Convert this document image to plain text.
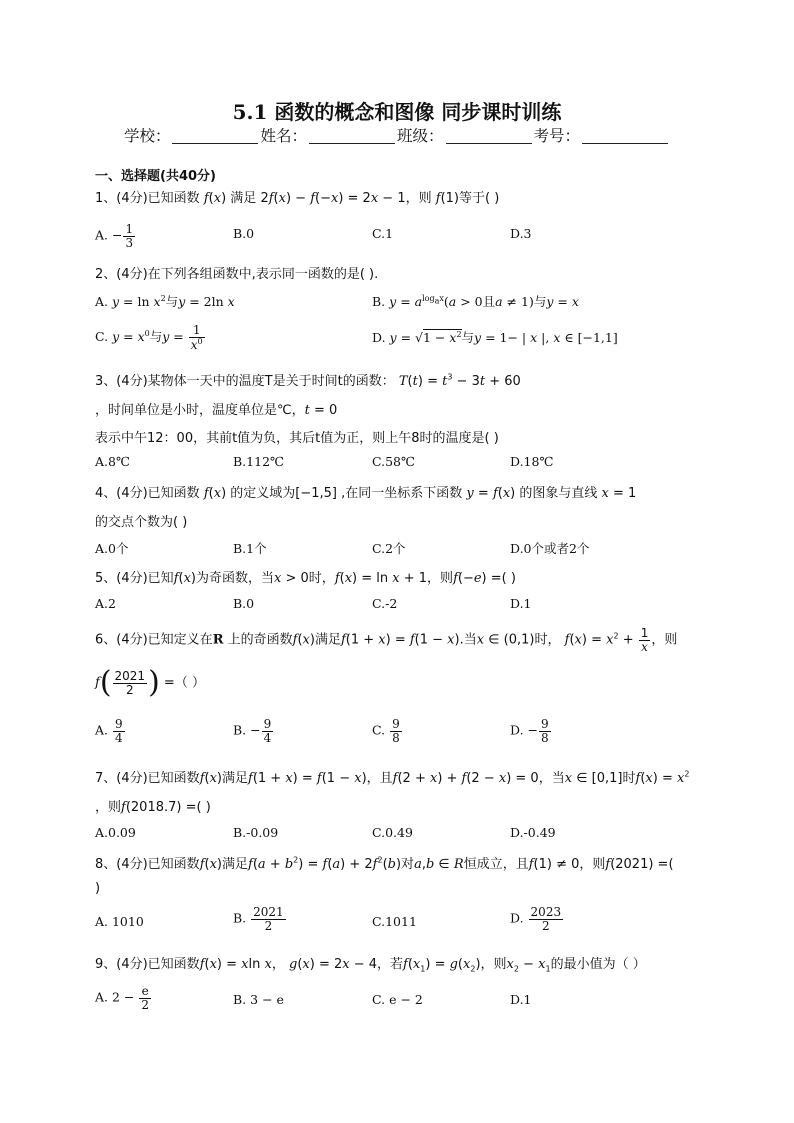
5.1 函数的概念和图像 同步课时训练
学校：	姓名：	班级：	考号：
一、选择题(共40分)
1、(4分)已知函数 f(x) 满足 2f(x) − f(−x) = 2x − 1，则 f(1)等于( )
A. − $\frac{1}{3}$	B.0	C.1	D.3
2、(4分)在下列各组函数中,表示同一函数的是( ).
A. $y = \ln x^2$与y = 2ln x	B. $y = a^{log_ax}(a > 0$且a ≠ 1)与y = x
C. $y = x^0$与$y = \frac{1}{x^0}$	D. $y = √1 - x^2$与y = 1− | x |, x ∈ [−1,1]
3、(4分)某物体一天中的温度T是关于时间t的函数： $T(t) = t^3 - 3t + 60$
，时间单位是小时，温度单位是℃，t = 0
表示中午12：00，其前t值为负，其后t值为正，则上午8时的温度是( )
A.8℃	B.112℃	C.58℃	D.18℃
4、(4分)已知函数 f(x) 的定义域为[−1,5] ,在同一坐标系下函数 y = f(x) 的图象与直线 x = 1
的交点个数为( )
A.0个	B.1个	C.2个	D.0个或者2个
5、(4分)已知f(x)为奇函数，当x > 0时，f(x) = ln x + 1，则f(−e) =( )
A.2	B.0	C.-2	D.1
6、(4分)已知定义在R 上的奇函数f(x)满足f(1 + x) = f(1 − x).当x ∈ (0,1)时， $f(x) = x^2 + \frac{1}{x}$ ，则
$f( \frac{2021}{2}$ ) =（ ）
A. $\frac{9}{4}$	B. − $\frac{9}{4}$	C. $\frac{9}{8}$	D. − $\frac{9}{8}$
7、(4分)已知函数f(x)满足f(1 + x) = f(1 − x)，且f(2 + x) + f(2 − x) = 0，当x ∈ [0,1]时$f(x) = x^2$
，则f(2018.7) =( )
A.0.09	B.-0.09	C.0.49	D.-0.49
8、(4分)已知函数f(x)满足$f(a + b^2) = f(a) + 2f^2(b)$对a,b ∈ R恒成立，且f(1) ≠ 0，则f(2021) =(
)
A. 1010	B. $\frac{2021}{2}$	C.1011	D. $\frac{2023}{2}$
9、(4分)已知函数f(x) = xln x， g(x) = 2x − 4，若$f(x_1) = g(x_2)$，则$x_2 - x_1$的最小值为（ ）
A. $2 - \frac{e}{2}$	B. 3 − e	C. e − 2	D.1
